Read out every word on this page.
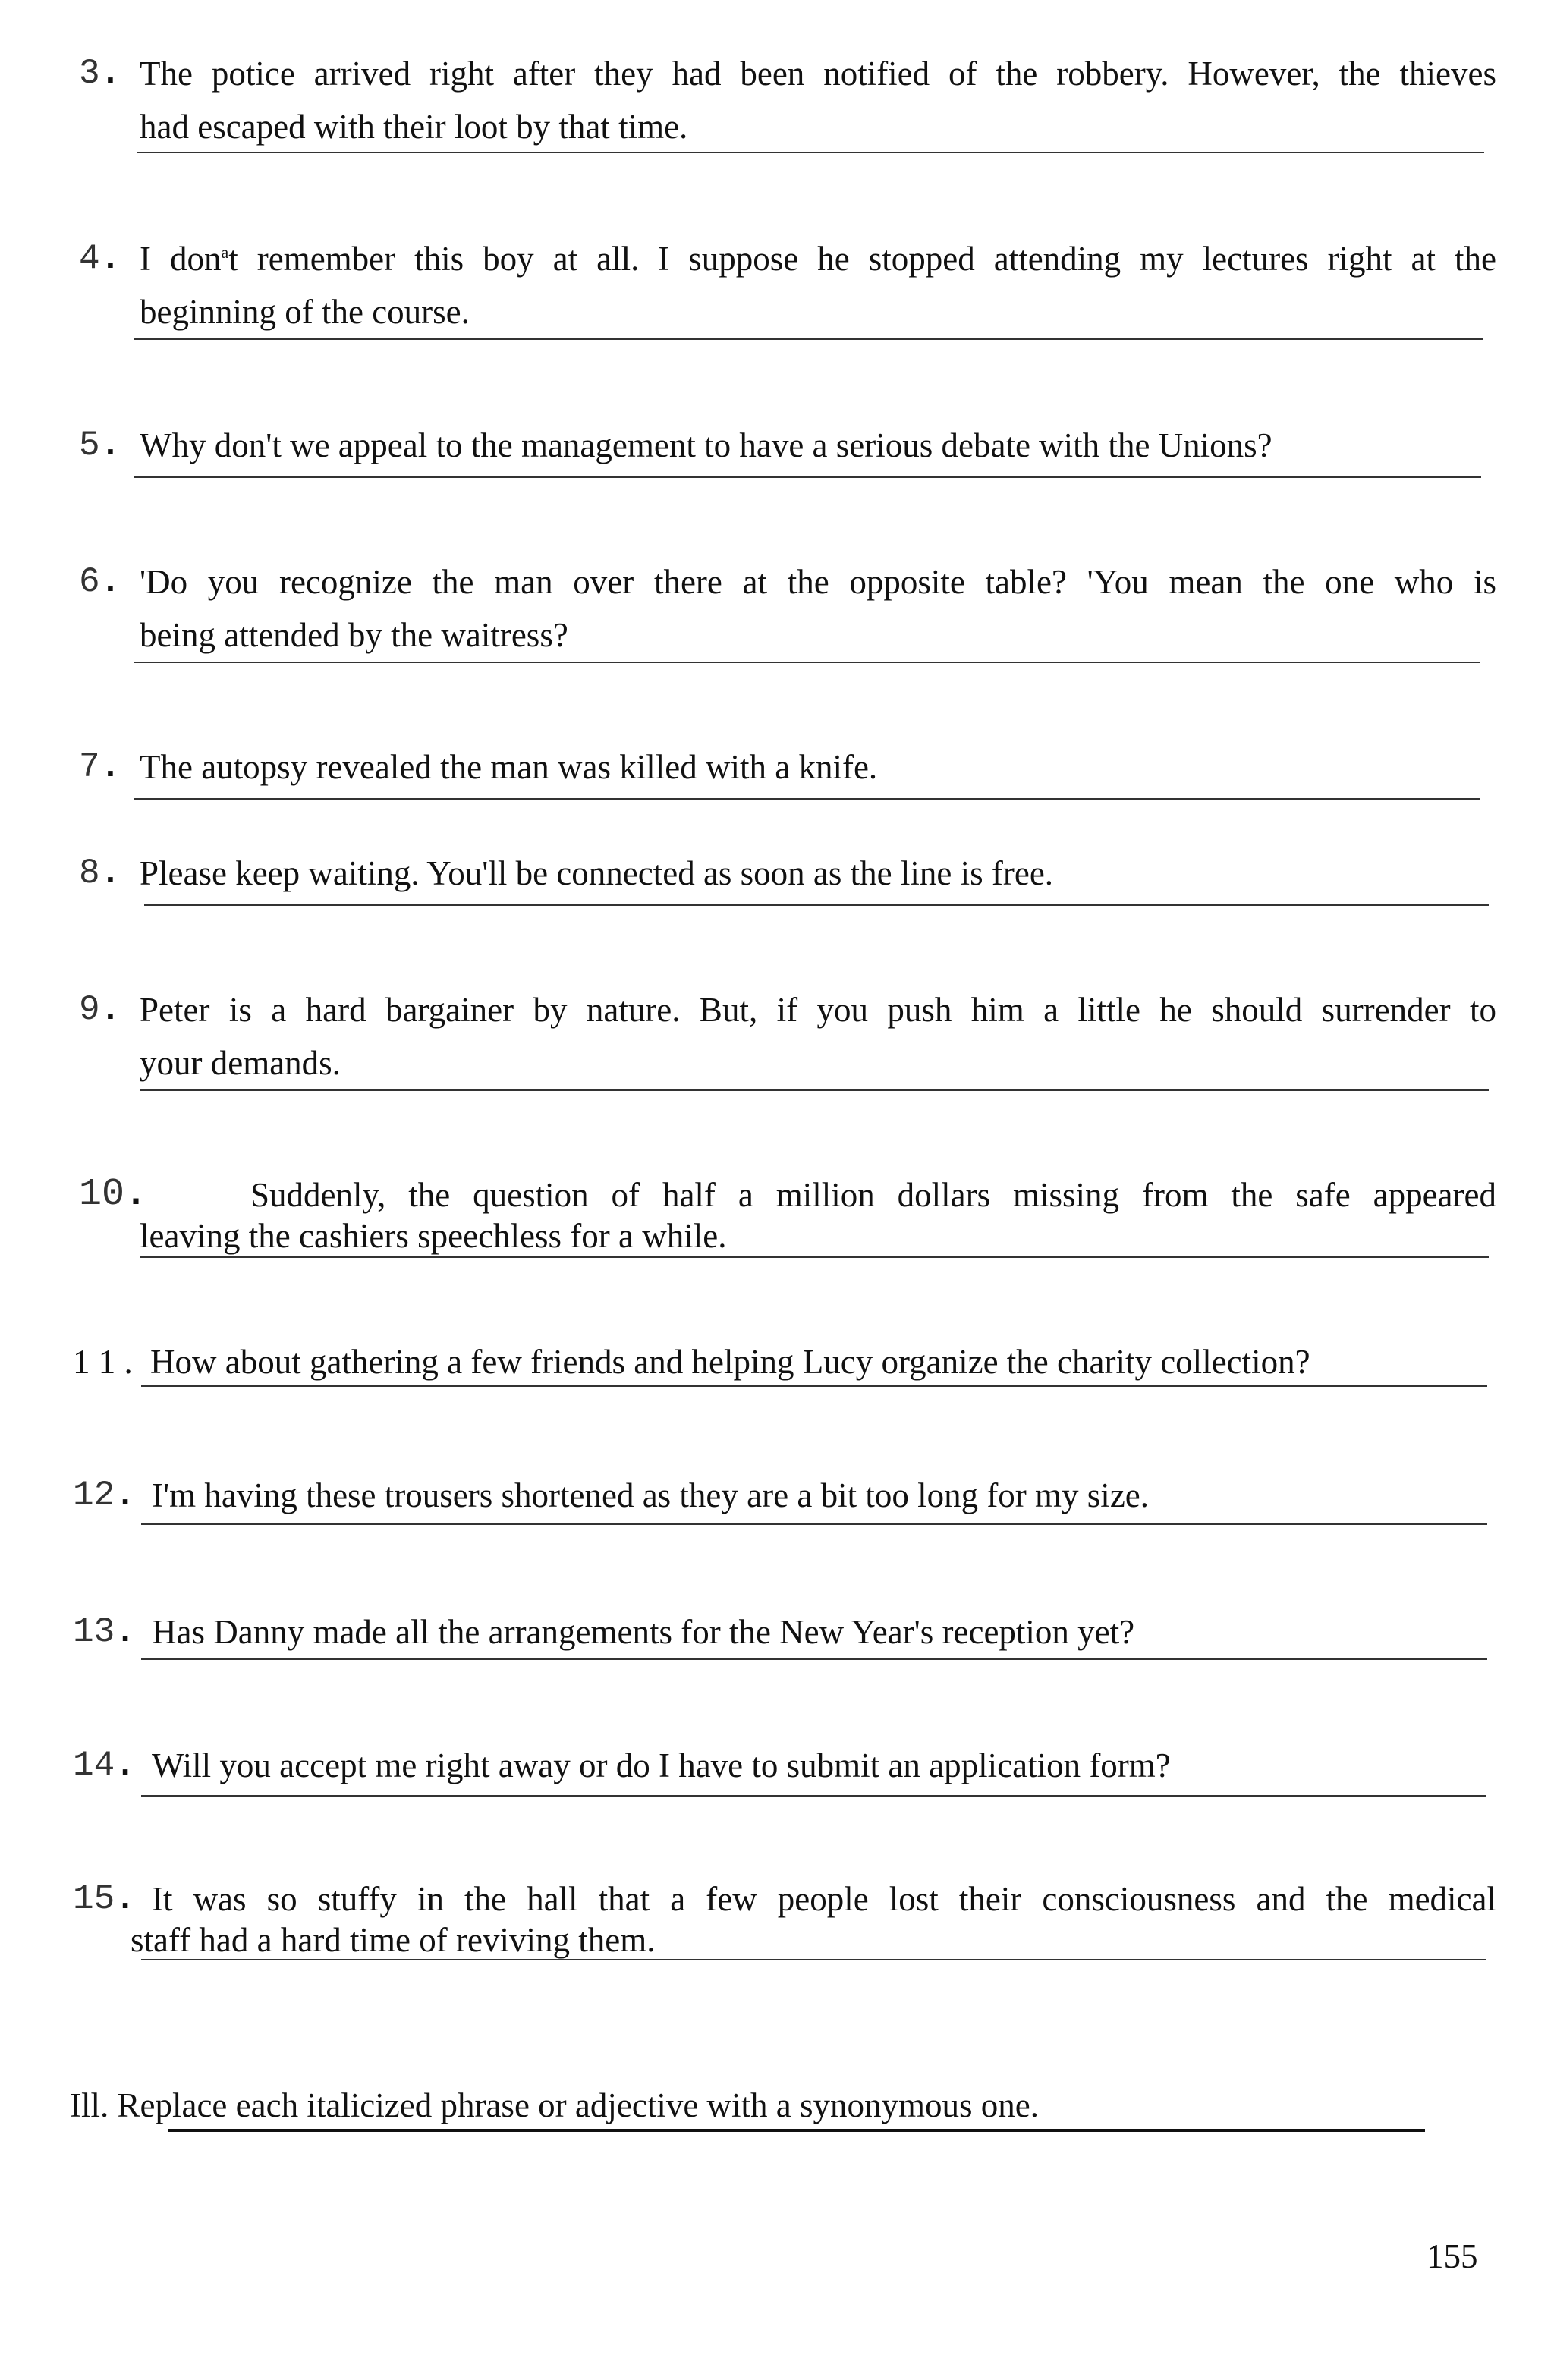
3. The potice arrived right after they had been notified of the robbery. However, the thieves
had escaped with their loot by that time.
4. I don$^a$t remember this boy at all. I suppose he stopped attending my lectures right at the
beginning of the course.
5. Why don't we appeal to the management to have a serious debate with the Unions?
6. 'Do you recognize the man over there at the opposite table? 'You mean the one who is
being attended by the waitress?
7. The autopsy revealed the man was killed with a knife.
8. Please keep waiting. You'll be connected as soon as the line is free.
9. Peter is a hard bargainer by nature. But, if you push him a little he should surrender to
your demands.
10.	Suddenly, the question of half a million dollars missing from the safe appeared
leaving the cashiers speechless for a while.
1 1 . How about gathering a few friends and helping Lucy organize the charity collection?
12. I'm having these trousers shortened as they are a bit too long for my size.
13. Has Danny made all the arrangements for the New Year's reception yet?
14. Will you accept me right away or do I have to submit an application form?
15. It was so stuffy in the hall that a few people lost their consciousness and the medical
staff had a hard time of reviving them.
Ill. Replace each italicized phrase or adjective with a synonymous one.
155
